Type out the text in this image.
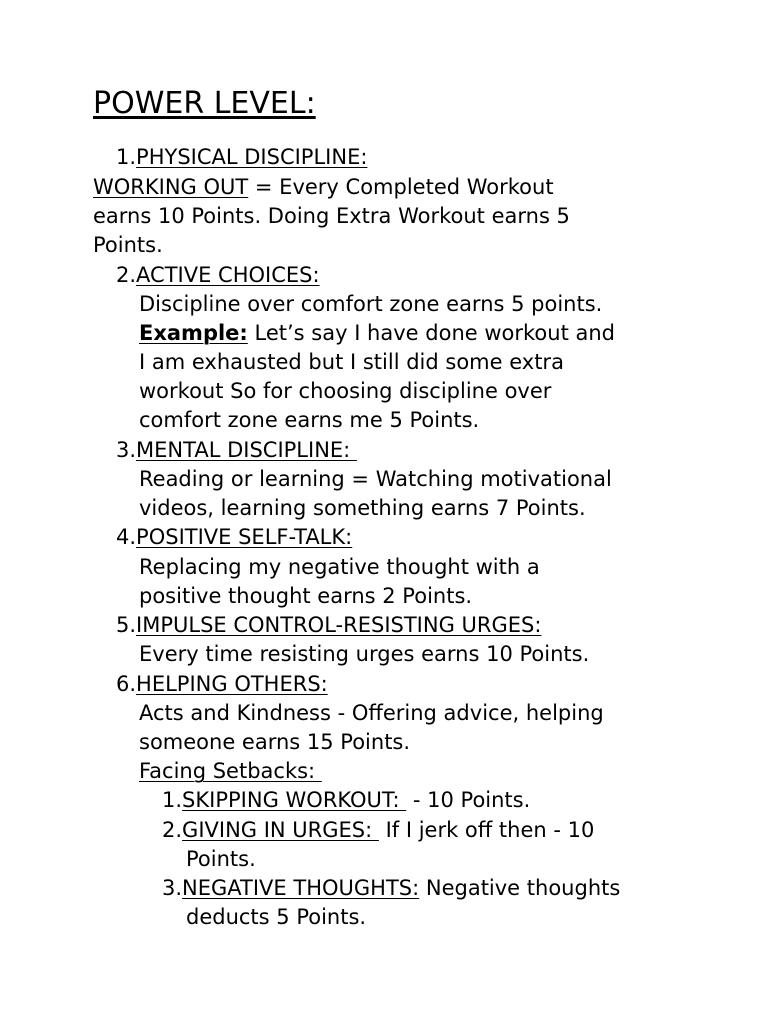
POWER LEVEL:
1.PHYSICAL DISCIPLINE:
WORKING OUT = Every Completed Workout
earns 10 Points. Doing Extra Workout earns 5
Points.
2.ACTIVE CHOICES:
Discipline over comfort zone earns 5 points.
Example: Let’s say I have done workout and
I am exhausted but I still did some extra
workout So for choosing discipline over
comfort zone earns me 5 Points.
3.MENTAL DISCIPLINE:
Reading or learning = Watching motivational
videos, learning something earns 7 Points.
4.POSITIVE SELF-TALK:
Replacing my negative thought with a
positive thought earns 2 Points.
5.IMPULSE CONTROL-RESISTING URGES:
Every time resisting urges earns 10 Points.
6.HELPING OTHERS:
Acts and Kindness - Offering advice, helping
someone earns 15 Points.
Facing Setbacks:
1.SKIPPING WORKOUT:  - 10 Points.
2.GIVING IN URGES:  If I jerk off then - 10
Points.
3.NEGATIVE THOUGHTS: Negative thoughts
deducts 5 Points.
